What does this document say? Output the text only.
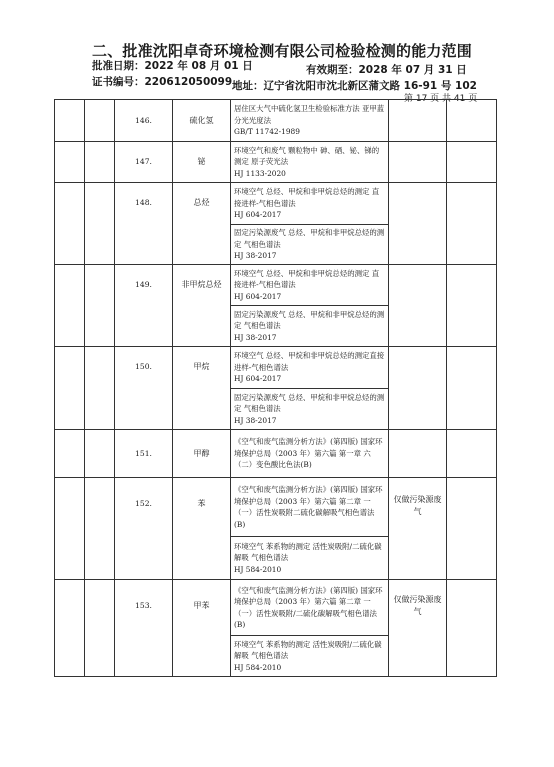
二、批准沈阳卓奇环境检测有限公司检验检测的能力范围
批准日期：2022 年 08 月 01 日	有效期至：2028 年 07 月 31 日
证书编号：220612050099 地址：辽宁省沈阳市沈北新区蒲文路 16-91 号 102
第 17 页 共 41 页
		146.	硫化氢	居住区大气中硫化氢卫生检验标准方法 亚甲蓝分光光度法
GB/T 11742-1989		

		147.	铋	环境空气和废气 颗粒物中 砷、硒、铋、锑的测定 原子荧光法
HJ 1133-2020		

		148.	总烃	环境空气 总烃、甲烷和非甲烷总烃的测定 直接进样-气相色谱法
HJ 604-2017		

				固定污染源废气 总烃、甲烷和非甲烷总烃的测定 气相色谱法
HJ 38-2017		

		149.	非甲烷总烃	环境空气 总烃、甲烷和非甲烷总烃的测定 直接进样-气相色谱法
HJ 604-2017		

				固定污染源废气 总烃、甲烷和非甲烷总烃的测定 气相色谱法
HJ 38-2017		

		150.	甲烷	环境空气 总烃、甲烷和非甲烷总烃的测定直接进样-气相色谱法
HJ 604-2017		

				固定污染源废气 总烃、甲烷和非甲烷总烃的测定 气相色谱法
HJ 38-2017		

		151.	甲醇	《空气和废气监测分析方法》(第四版) 国家环境保护总局（2003 年）第六篇 第一章 六（二）变色酸比色法(B)		
		152.	苯	《空气和废气监测分析方法》(第四版) 国家环境保护总局（2003 年）第六篇 第二章 一（一）活性炭吸附二硫化碳解吸气相色谱法(B)	仅做污染源废气	
				环境空气 苯系物的测定 活性炭吸附/二硫化碳解吸 气相色谱法
HJ 584-2010		

		153.	甲苯	《空气和废气监测分析方法》(第四版) 国家环境保护总局（2003 年）第六篇 第二章 一（一）活性炭吸附/二硫化碳解吸气相色谱法(B)	仅做污染源废气	
				环境空气 苯系物的测定 活性炭吸附/二硫化碳解吸 气相色谱法
HJ 584-2010		
